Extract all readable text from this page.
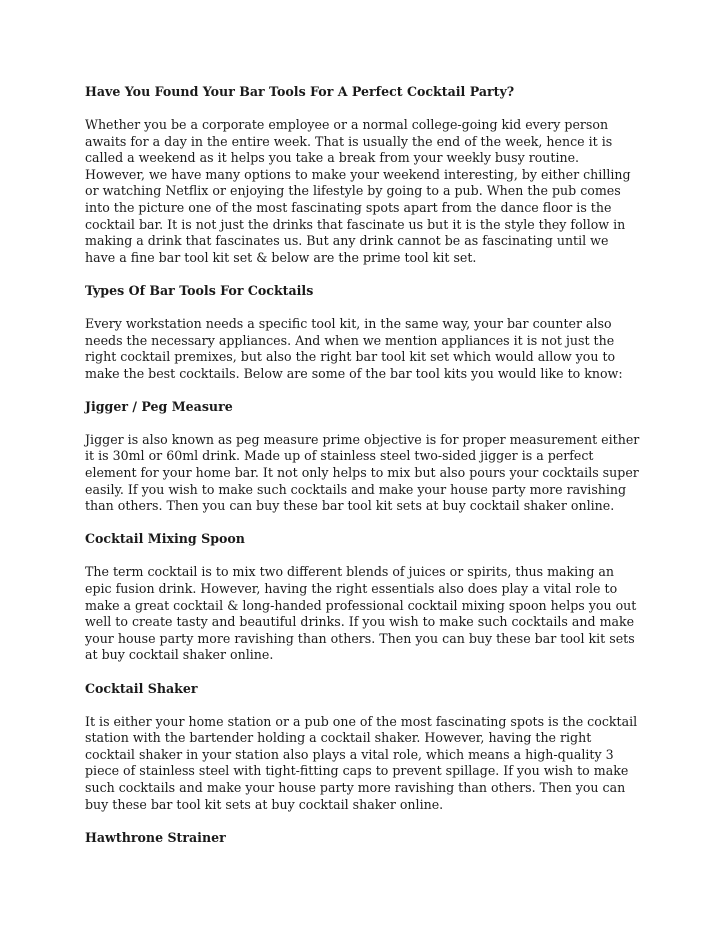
Have You Found Your Bar Tools For A Perfect Cocktail Party?
Whether you be a corporate employee or a normal college-going kid every person awaits for a day in the entire week. That is usually the end of the week, hence it is called a weekend as it helps you take a break from your weekly busy routine. However, we have many options to make your weekend interesting, by either chilling or watching Netflix or enjoying the lifestyle by going to a pub. When the pub comes into the picture one of the most fascinating spots apart from the dance floor is the cocktail bar. It is not just the drinks that fascinate us but it is the style they follow in making a drink that fascinates us. But any drink cannot be as fascinating until we have a fine bar tool kit set & below are the prime tool kit set.
Types Of Bar Tools For Cocktails
Every workstation needs a specific tool kit, in the same way, your bar counter also needs the necessary appliances. And when we mention appliances it is not just the right cocktail premixes, but also the right bar tool kit set which would allow you to make the best cocktails. Below are some of the bar tool kits you would like to know:
Jigger / Peg Measure
Jigger is also known as peg measure prime objective is for proper measurement either it is 30ml or 60ml drink. Made up of stainless steel two-sided jigger is a perfect element for your home bar. It not only helps to mix but also pours your cocktails super easily. If you wish to make such cocktails and make your house party more ravishing than others. Then you can buy these bar tool kit sets at buy cocktail shaker online.
Cocktail Mixing Spoon
The term cocktail is to mix two different blends of juices or spirits, thus making an epic fusion drink. However, having the right essentials also does play a vital role to make a great cocktail & long-handed professional cocktail mixing spoon helps you out well to create tasty and beautiful drinks. If you wish to make such cocktails and make your house party more ravishing than others. Then you can buy these bar tool kit sets at buy cocktail shaker online.
Cocktail Shaker
It is either your home station or a pub one of the most fascinating spots is the cocktail station with the bartender holding a cocktail shaker. However, having the right cocktail shaker in your station also plays a vital role, which means a high-quality 3 piece of stainless steel with tight-fitting caps to prevent spillage. If you wish to make such cocktails and make your house party more ravishing than others. Then you can buy these bar tool kit sets at buy cocktail shaker online.
Hawthrone Strainer
